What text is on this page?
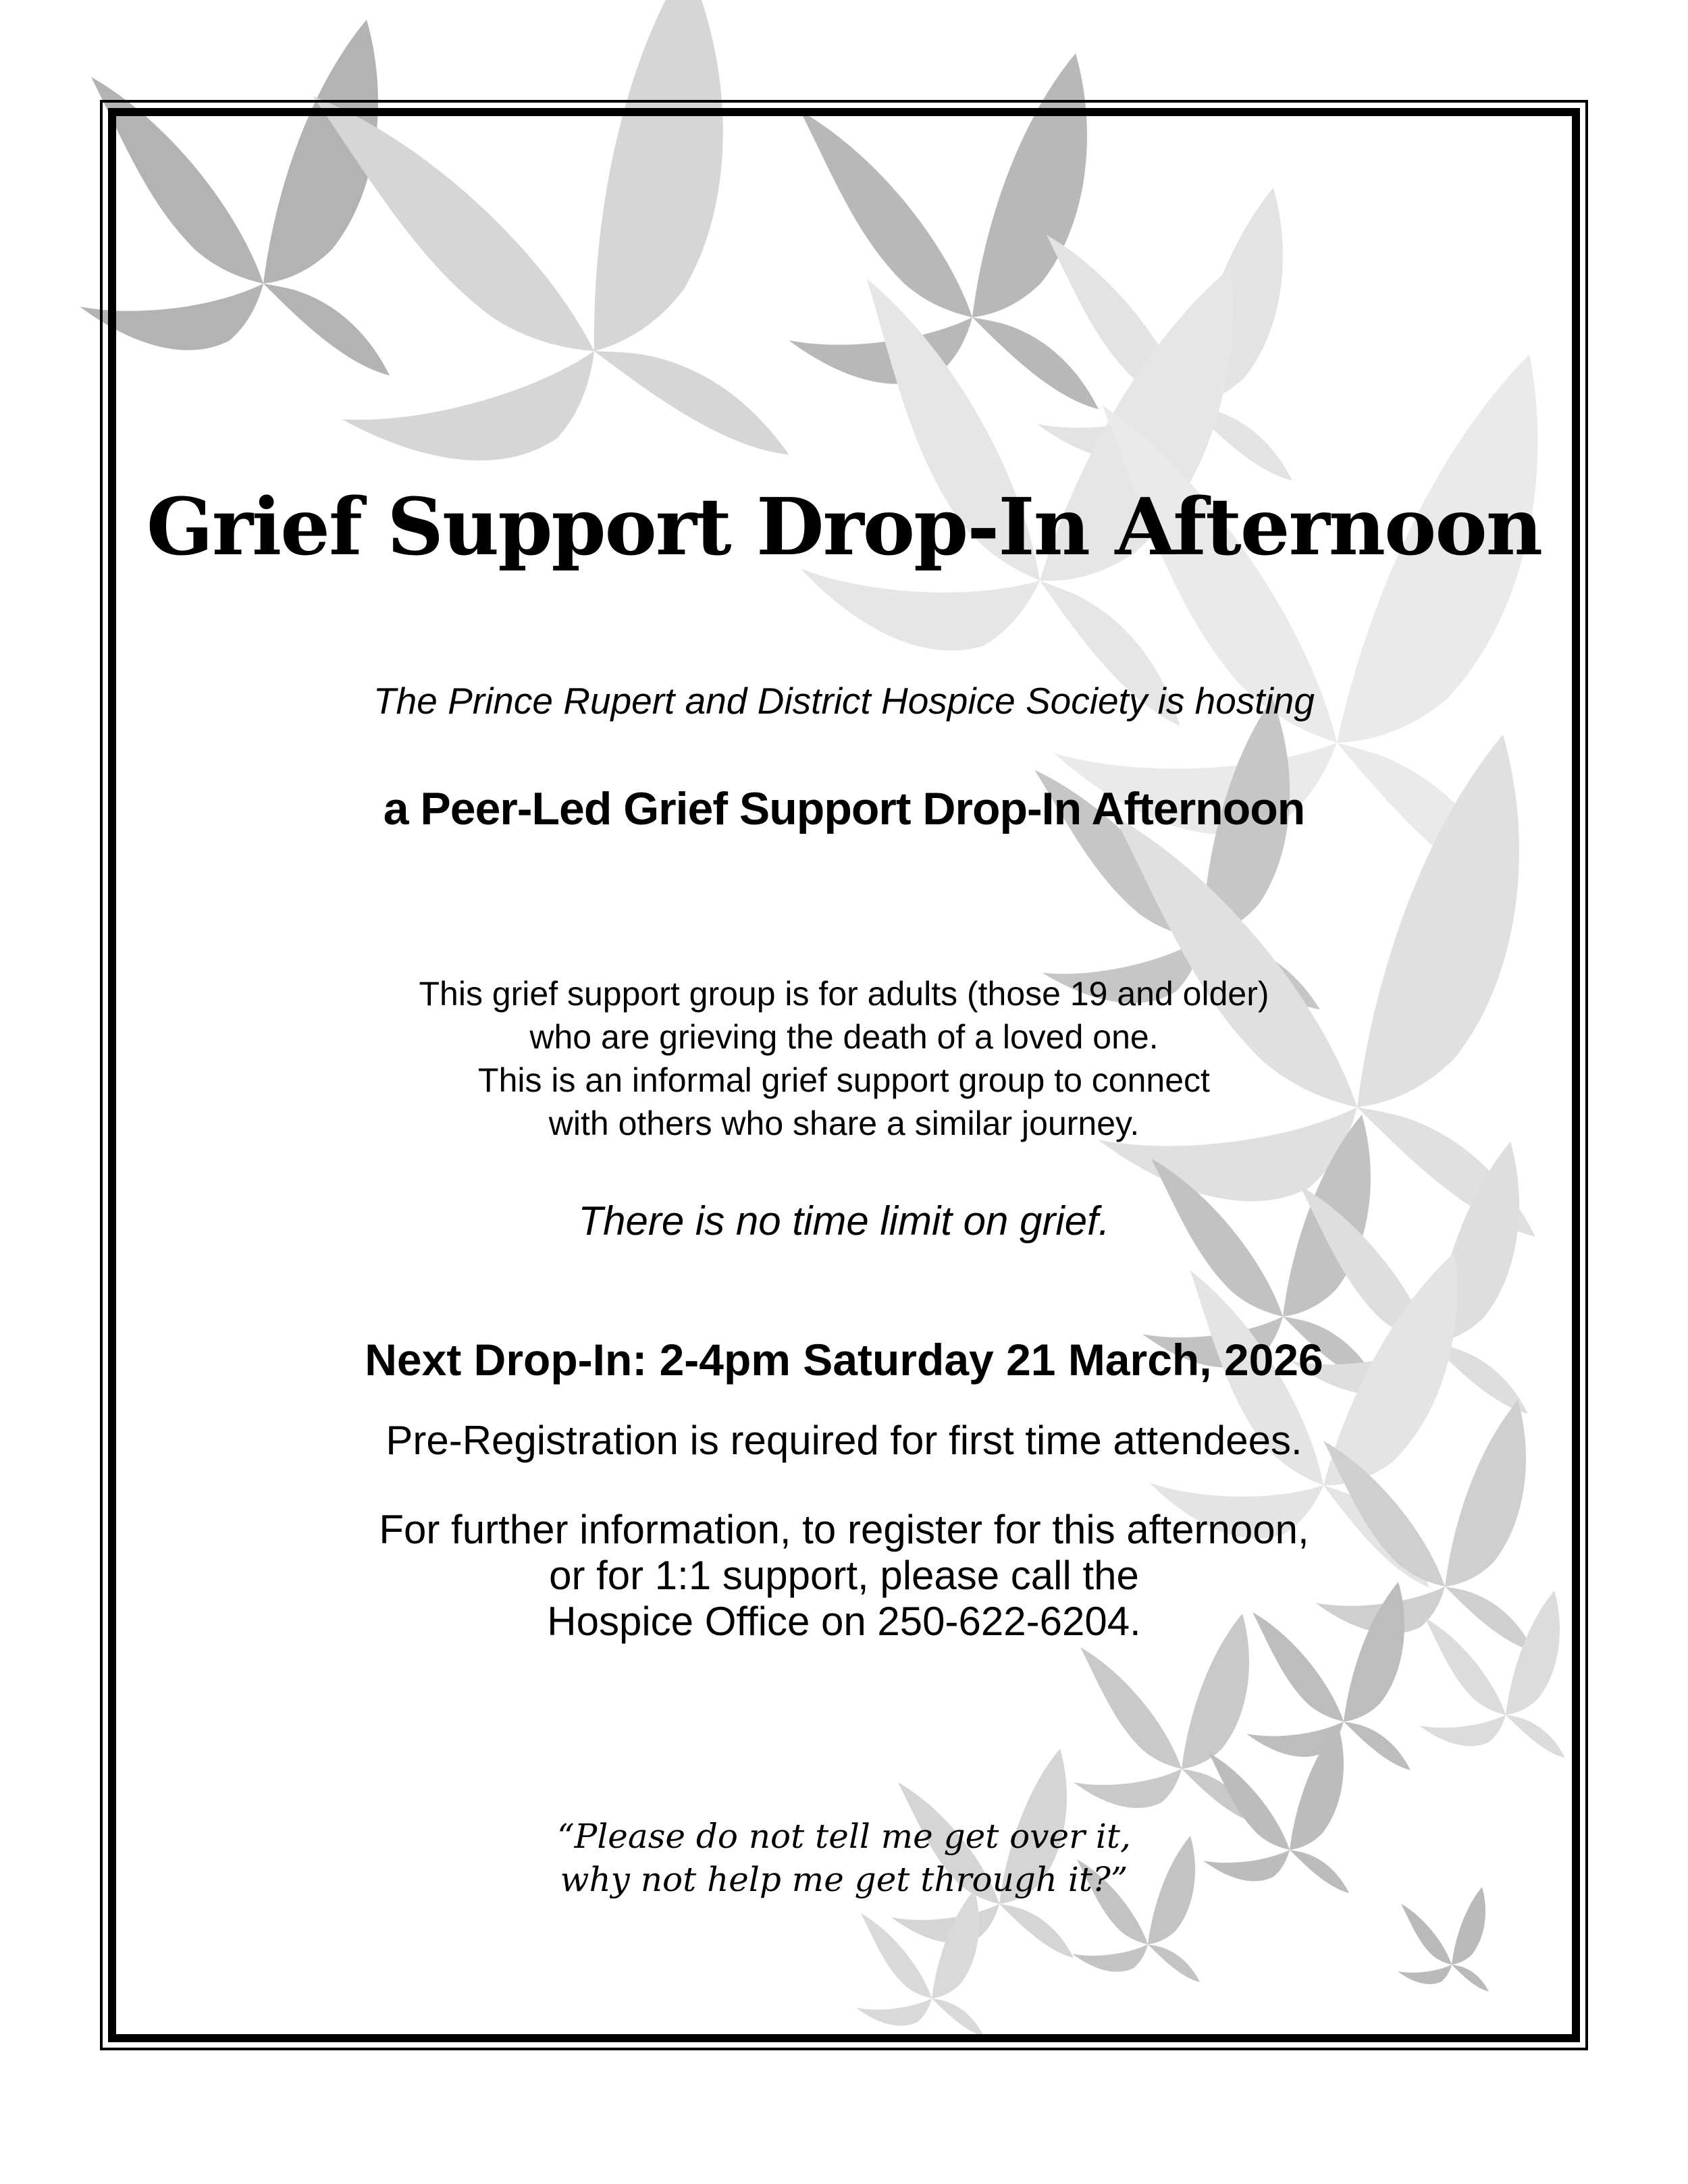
Grief Support Drop-In Afternoon

The Prince Rupert and District Hospice Society is hosting

a Peer-Led Grief Support Drop-In Afternoon

This grief support group is for adults (those 19 and older)
who are grieving the death of a loved one.
This is an informal grief support group to connect
with others who share a similar journey.

There is no time limit on grief.

Next Drop-In: 2-4pm Saturday 21 March, 2026

Pre-Registration is required for first time attendees.

For further information, to register for this afternoon,
or for 1:1 support, please call the
Hospice Office on 250-622-6204.

“Please do not tell me get over it,
why not help me get through it?”
